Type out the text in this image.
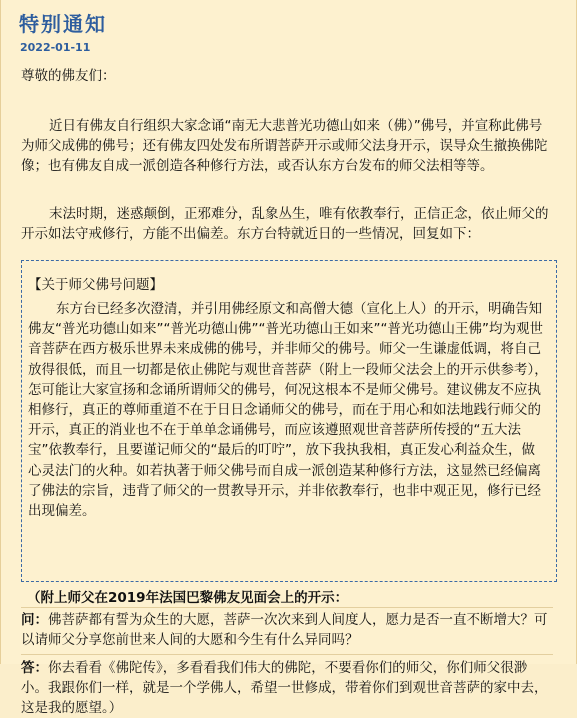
特别通知
2022-01-11

尊敬的佛友们：

近日有佛友自行组织大家念诵“南无大悲普光功德山如来（佛）”佛号，并宣称此佛号为师父成佛的佛号；还有佛友四处发布所谓菩萨开示或师父法身开示，误导众生撤换佛陀像；也有佛友自成一派创造各种修行方法，或否认东方台发布的师父法相等等。

末法时期，迷惑颠倒，正邪难分，乱象丛生，唯有依教奉行，正信正念，依止师父的开示如法守戒修行，方能不出偏差。东方台特就近日的一些情况，回复如下：

【关于师父佛号问题】

东方台已经多次澄清，并引用佛经原文和高僧大德（宣化上人）的开示，明确告知佛友“普光功德山如来”“普光功德山佛”“普光功德山王如来”“普光功德山王佛”均为观世音菩萨在西方极乐世界未来成佛的佛号，并非师父的佛号。师父一生谦虚低调，将自己放得很低，而且一切都是依止佛陀与观世音菩萨（附上一段师父法会上的开示供参考），怎可能让大家宣扬和念诵所谓师父的佛号，何况这根本不是师父佛号。建议佛友不应执相修行，真正的尊师重道不在于日日念诵师父的佛号，而在于用心和如法地践行师父的开示，真正的消业也不在于单单念诵佛号，而应该遵照观世音菩萨所传授的“五大法宝”依教奉行，且要谨记师父的“最后的叮咛”，放下我执我相，真正发心利益众生，做心灵法门的火种。如若执著于师父佛号而自成一派创造某种修行方法，这显然已经偏离了佛法的宗旨，违背了师父的一贯教导开示，并非依教奉行，也非中观正见，修行已经出现偏差。

（附上师父在2019年法国巴黎佛友见面会上的开示：
问：佛菩萨都有誓为众生的大愿，菩萨一次次来到人间度人，愿力是否一直不断增大？可以请师父分享您前世来人间的大愿和今生有什么异同吗？
答：你去看看《佛陀传》，多看看我们伟大的佛陀，不要看你们的师父，你们师父很渺小。我跟你们一样，就是一个学佛人，希望一世修成，带着你们到观世音菩萨的家中去，这是我的愿望。）
